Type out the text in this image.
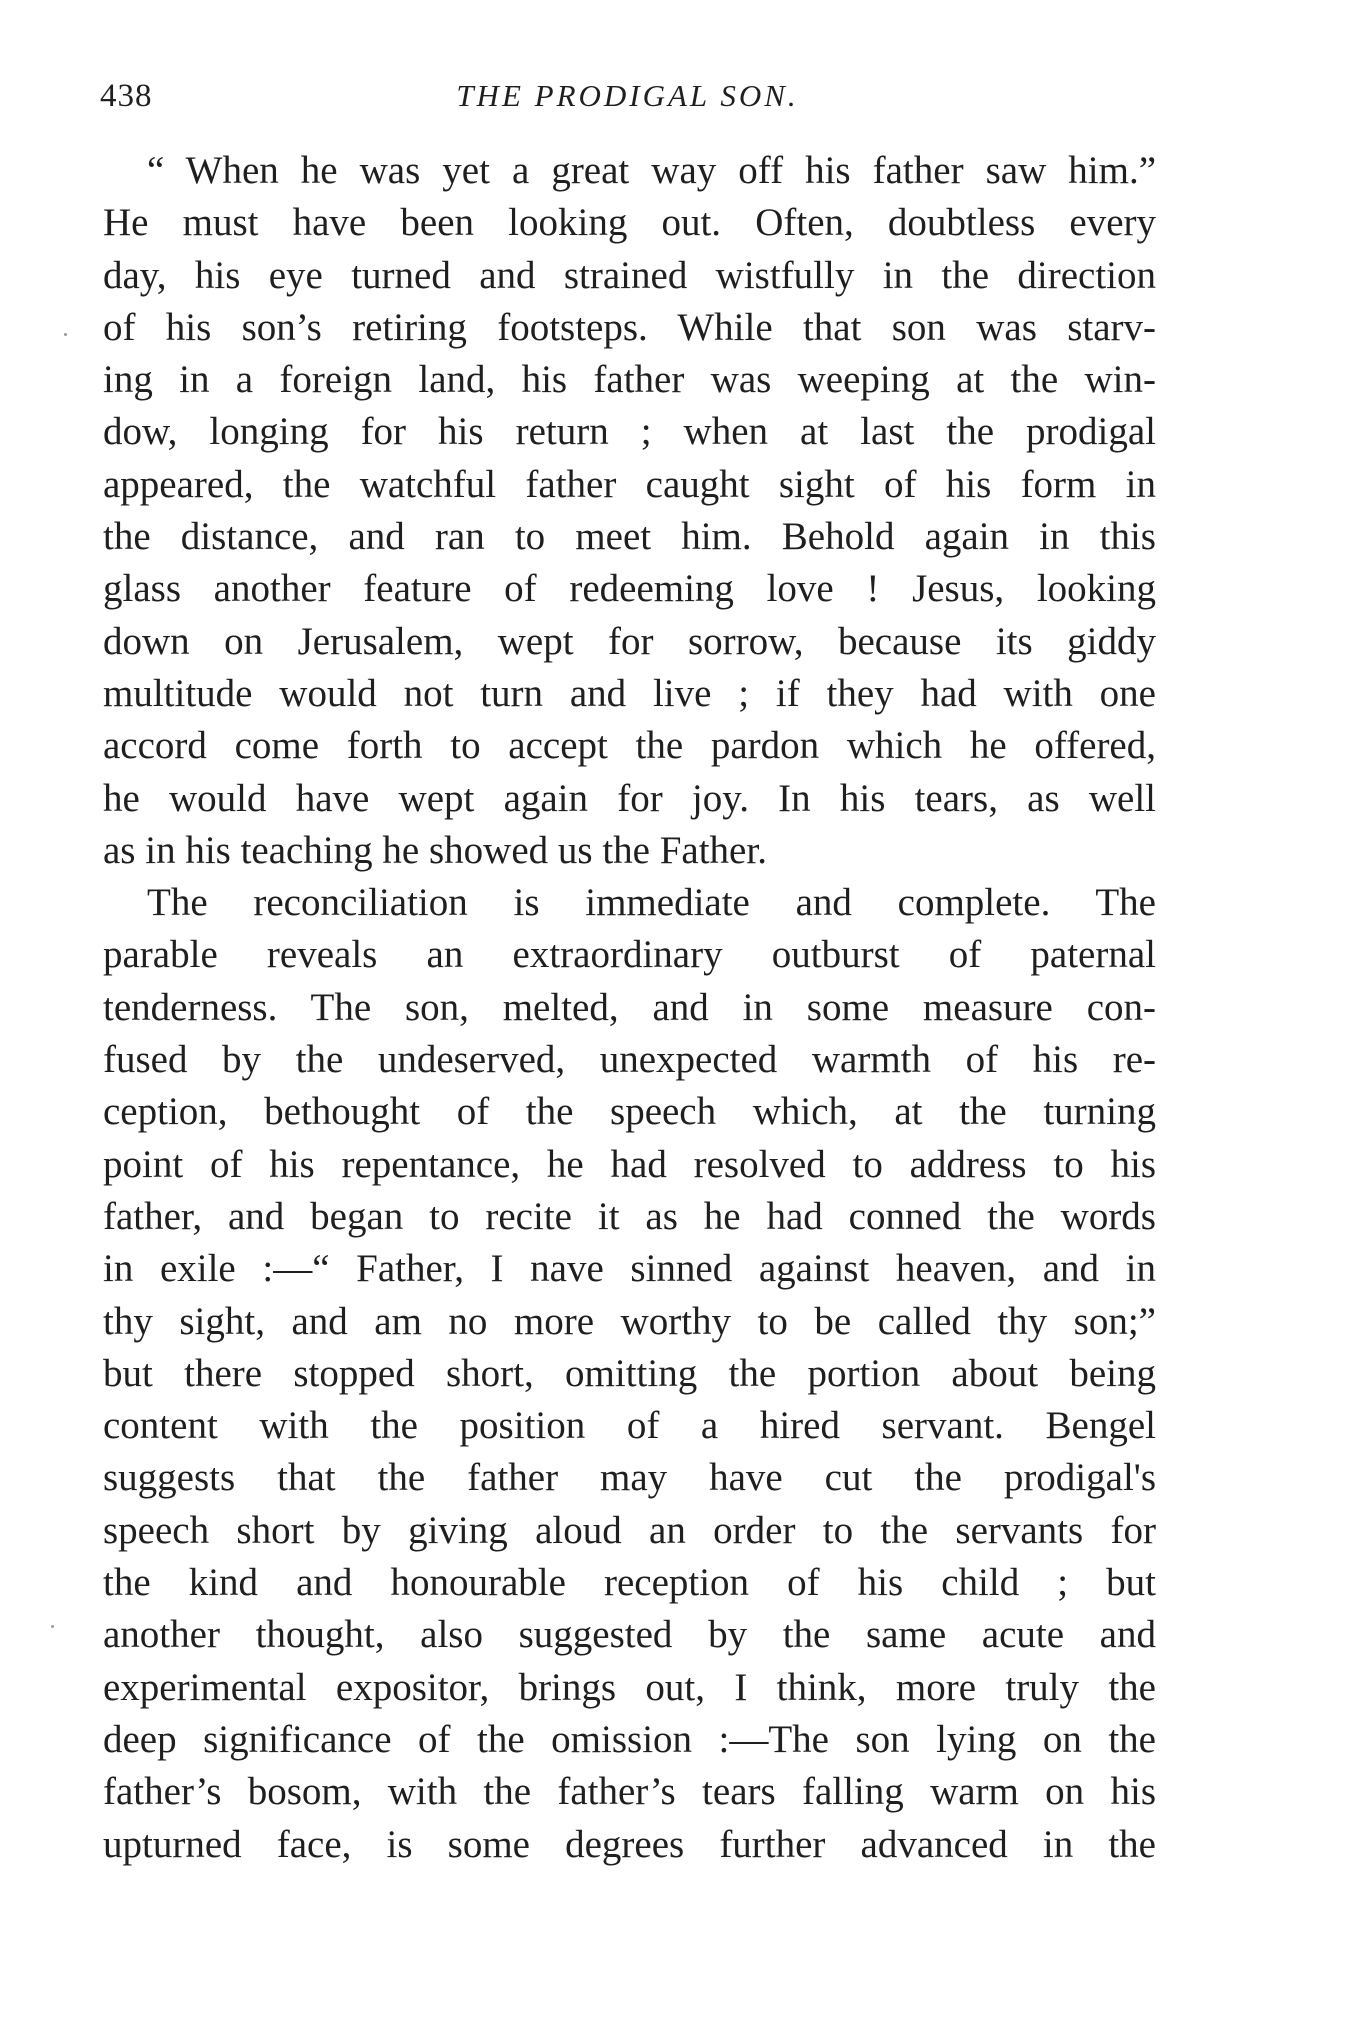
438	THE PRODIGAL SON.
“ When he was yet a great way off his father saw him.”
He must have been looking out. Often, doubtless every
day, his eye turned and strained wistfully in the direction
of his son’s retiring footsteps. While that son was starv-
ing in a foreign land, his father was weeping at the win-
dow, longing for his return ; when at last the prodigal
appeared, the watchful father caught sight of his form in
the distance, and ran to meet him. Behold again in this
glass another feature of redeeming love ! Jesus, looking
down on Jerusalem, wept for sorrow, because its giddy
multitude would not turn and live ; if they had with one
accord come forth to accept the pardon which he offered,
he would have wept again for joy. In his tears, as well
as in his teaching he showed us the Father.
The reconciliation is immediate and complete. The
parable reveals an extraordinary outburst of paternal
tenderness. The son, melted, and in some measure con-
fused by the undeserved, unexpected warmth of his re-
ception, bethought of the speech which, at the turning
point of his repentance, he had resolved to address to his
father, and began to recite it as he had conned the words
in exile :—“ Father, I nave sinned against heaven, and in
thy sight, and am no more worthy to be called thy son;”
but there stopped short, omitting the portion about being
content with the position of a hired servant. Bengel
suggests that the father may have cut the prodigal's
speech short by giving aloud an order to the servants for
the kind and honourable reception of his child ; but
another thought, also suggested by the same acute and
experimental expositor, brings out, I think, more truly the
deep significance of the omission :—The son lying on the
father’s bosom, with the father’s tears falling warm on his
upturned face, is some degrees further advanced in the
